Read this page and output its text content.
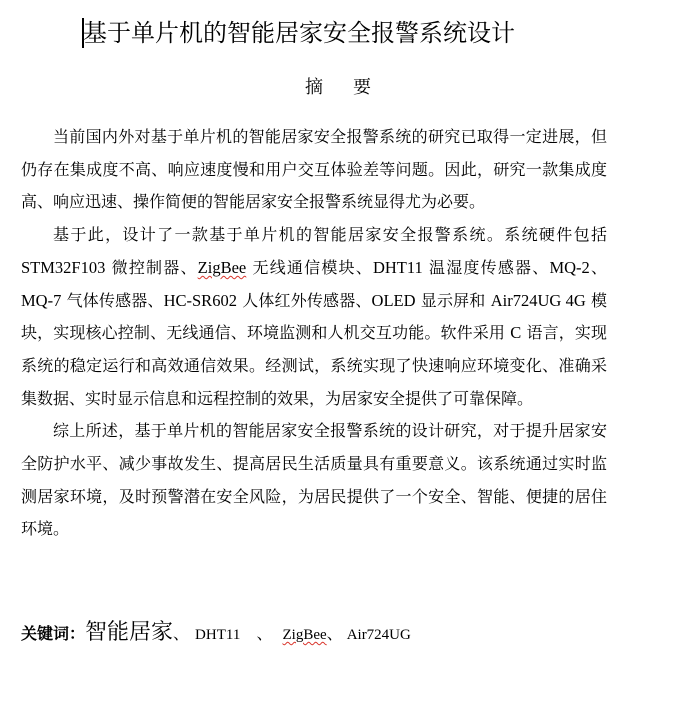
基于单片机的智能居家安全报警系统设计
摘 要

当前国内外对基于单片机的智能居家安全报警系统的研究已取得一定进展，但仍存在集成度不高、响应速度慢和用户交互体验差等问题。因此，研究一款集成度高、响应迅速、操作简便的智能居家安全报警系统显得尤为必要。

基于此，设计了一款基于单片机的智能居家安全报警系统。系统硬件包括STM32F103 微控制器、ZigBee 无线通信模块、DHT11 温湿度传感器、MQ-2、MQ-7 气体传感器、HC-SR602 人体红外传感器、OLED 显示屏和 Air724UG 4G 模块，实现核心控制、无线通信、环境监测和人机交互功能。软件采用 C 语言，实现系统的稳定运行和高效通信效果。经测试，系统实现了快速响应环境变化、准确采集数据、实时显示信息和远程控制的效果，为居家安全提供了可靠保障。

综上所述，基于单片机的智能居家安全报警系统的设计研究，对于提升居家安全防护水平、减少事故发生、提高居民生活质量具有重要意义。该系统通过实时监测居家环境，及时预警潜在安全风险，为居民提供了一个安全、智能、便捷的居住环境。

关键词：智能居家、 DHT11  、 ZigBee、 Air724UG
